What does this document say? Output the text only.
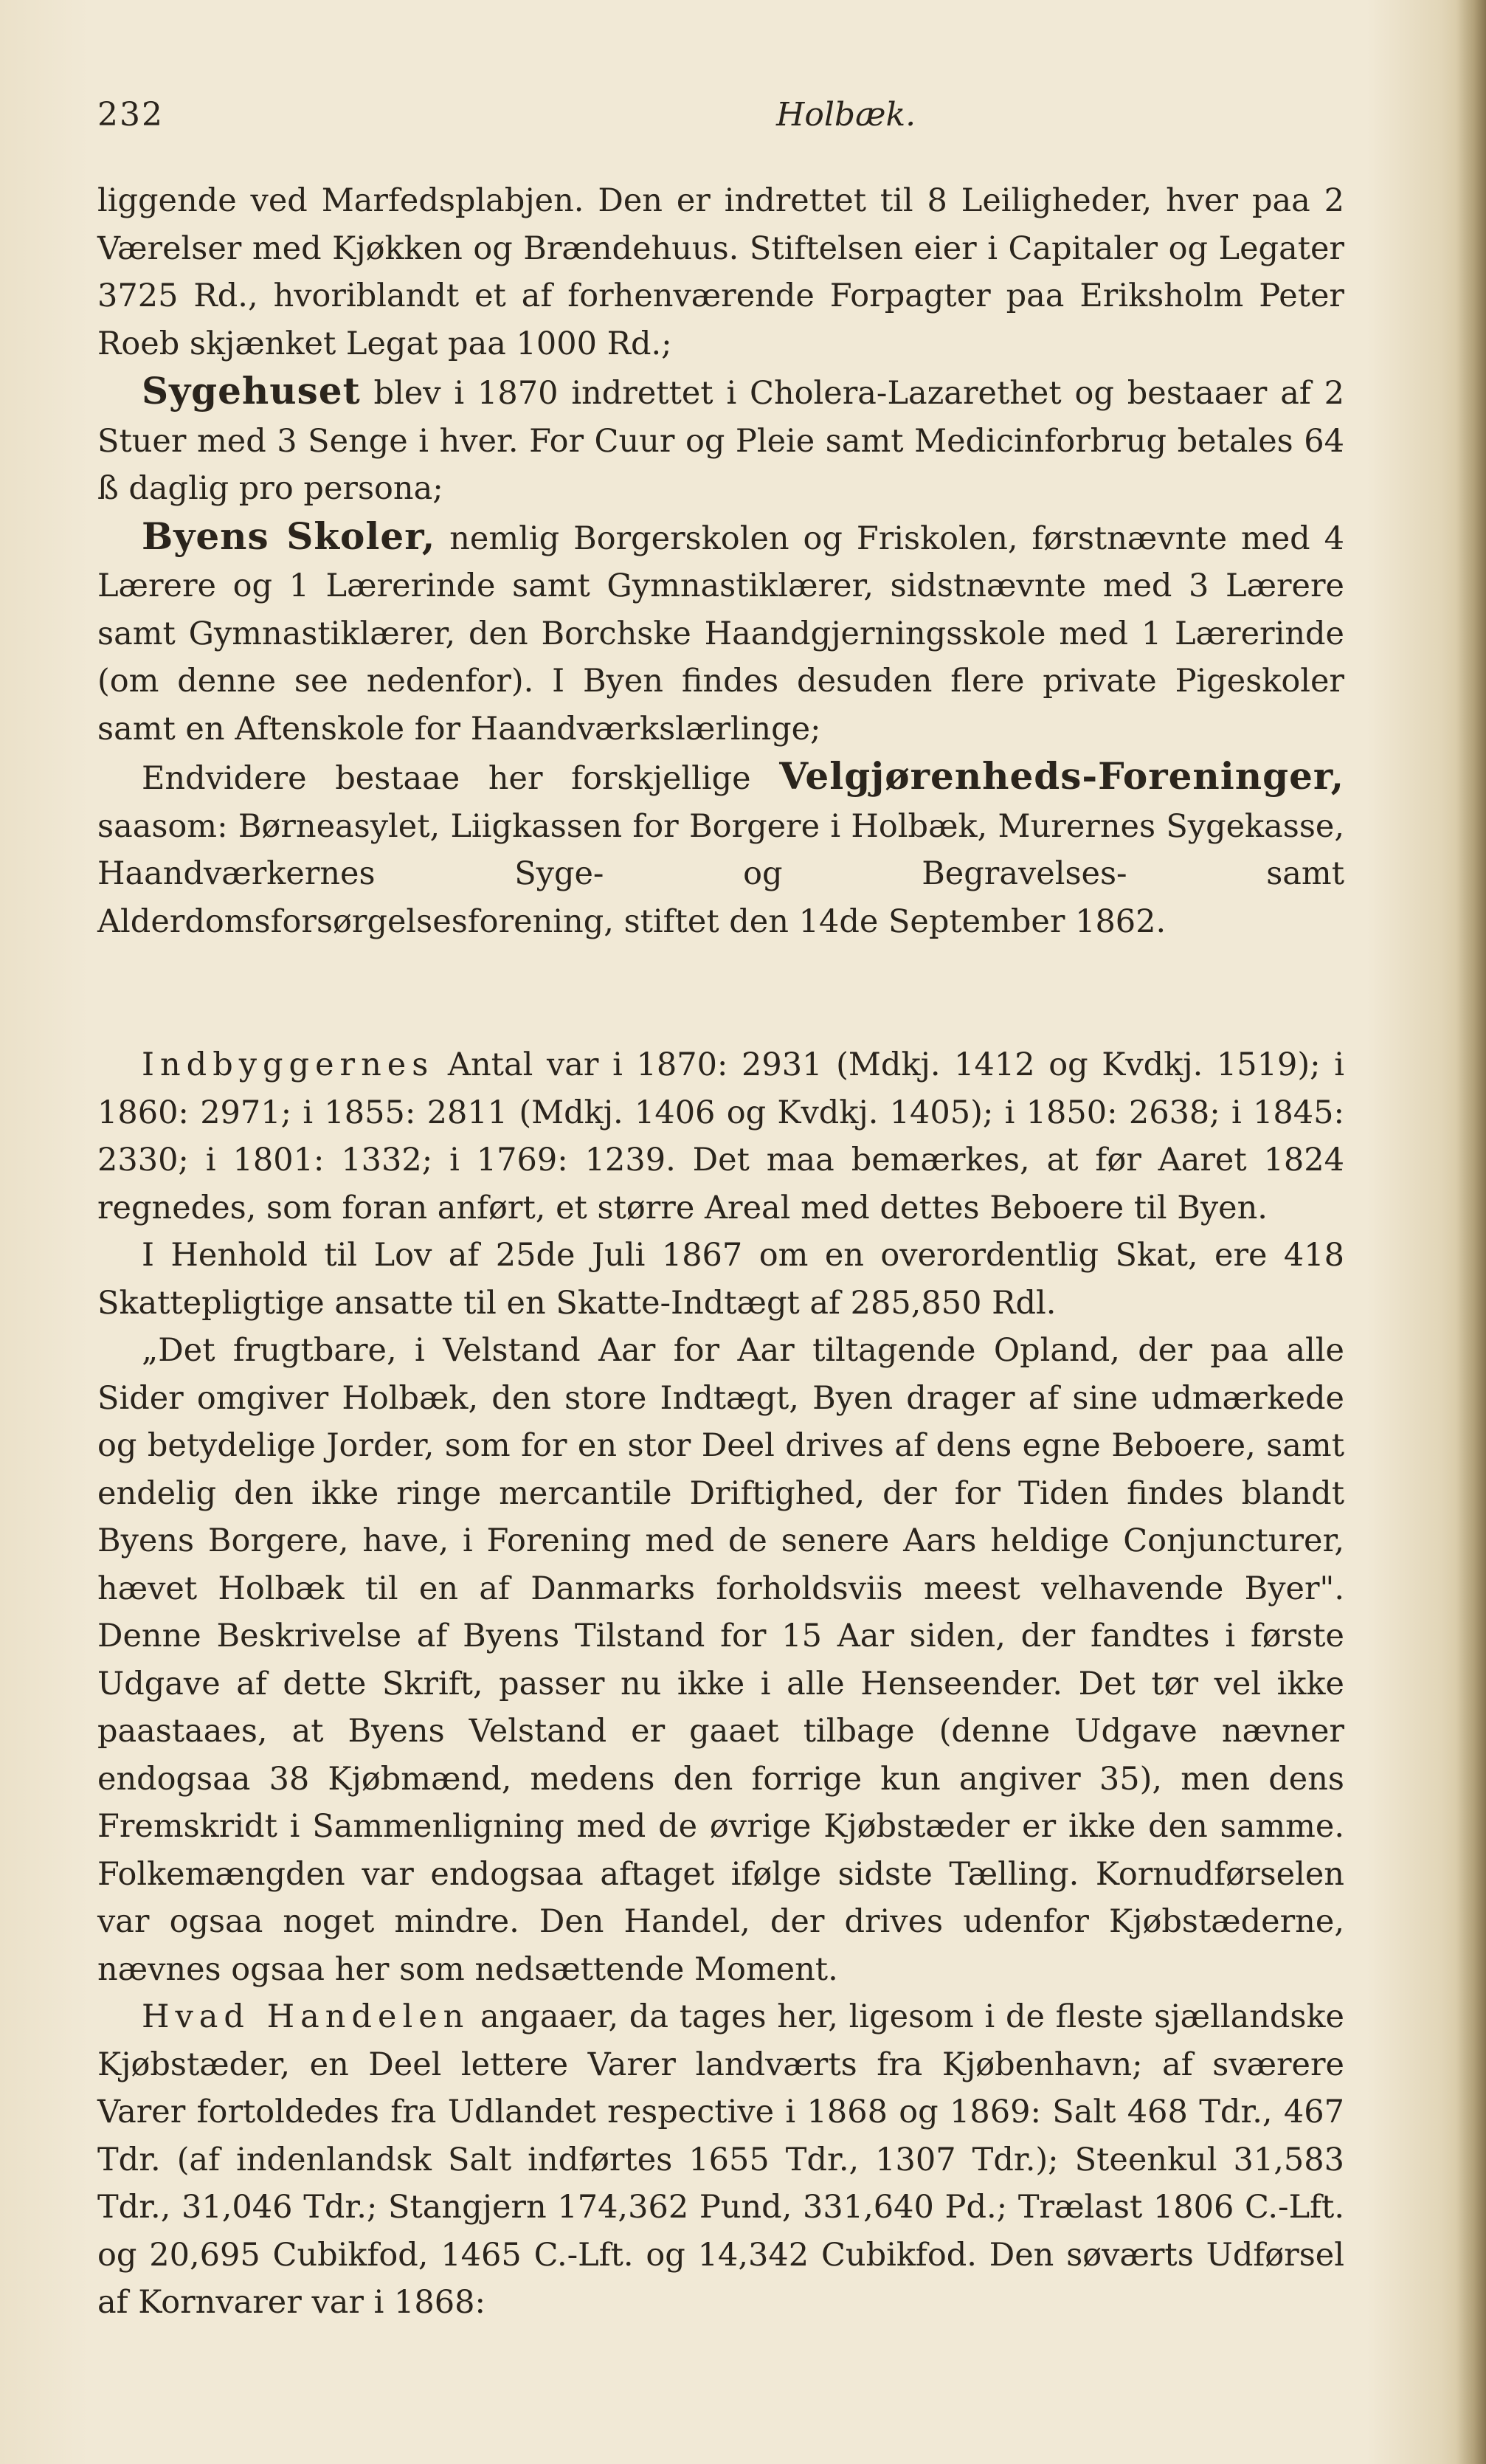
232	Holbæk.

liggende ved Marfedsplabjen. Den er indrettet til 8 Leiligheder, hver paa 2 Værelser med Kjøkken og Brændehuus. Stiftelsen eier i Capitaler og Legater 3725 Rd., hvoriblandt et af forhenværende Forpagter paa Eriksholm Peter Roeb skjænket Legat paa 1000 Rd.;

Sygehuset blev i 1870 indrettet i Cholera-Lazarethet og bestaaer af 2 Stuer med 3 Senge i hver. For Cuur og Pleie samt Medicinforbrug betales 64 ß daglig pro persona;

Byens Skoler, nemlig Borgerskolen og Friskolen, førstnævnte med 4 Lærere og 1 Lærerinde samt Gymnastiklærer, sidstnævnte med 3 Lærere samt Gymnastiklærer, den Borchske Haandgjerningsskole med 1 Lærerinde (om denne see nedenfor). I Byen findes desuden flere private Pigeskoler samt en Aftenskole for Haandværkslærlinge;

Endvidere bestaae her forskjellige Velgjørenheds-Foreninger, saasom: Børneasylet, Liigkassen for Borgere i Holbæk, Murernes Sygekasse, Haandværkernes Syge- og Begravelses- samt Alderdomsforsørgelsesforening, stiftet den 14de September 1862.

Indbyggernes Antal var i 1870: 2931 (Mdkj. 1412 og Kvdkj. 1519); i 1860: 2971; i 1855: 2811 (Mdkj. 1406 og Kvdkj. 1405); i 1850: 2638; i 1845: 2330; i 1801: 1332; i 1769: 1239. Det maa bemærkes, at før Aaret 1824 regnedes, som foran anført, et større Areal med dettes Beboere til Byen.

I Henhold til Lov af 25de Juli 1867 om en overordentlig Skat, ere 418 Skattepligtige ansatte til en Skatte-Indtægt af 285,850 Rdl.

„Det frugtbare, i Velstand Aar for Aar tiltagende Opland, der paa alle Sider omgiver Holbæk, den store Indtægt, Byen drager af sine udmærkede og betydelige Jorder, som for en stor Deel drives af dens egne Beboere, samt endelig den ikke ringe mercantile Driftighed, der for Tiden findes blandt Byens Borgere, have, i Forening med de senere Aars heldige Conjuncturer, hævet Holbæk til en af Danmarks forholdsviis meest velhavende Byer". Denne Beskrivelse af Byens Tilstand for 15 Aar siden, der fandtes i første Udgave af dette Skrift, passer nu ikke i alle Henseender. Det tør vel ikke paastaaes, at Byens Velstand er gaaet tilbage (denne Udgave nævner endogsaa 38 Kjøbmænd, medens den forrige kun angiver 35), men dens Fremskridt i Sammenligning med de øvrige Kjøbstæder er ikke den samme. Folkemængden var endogsaa aftaget ifølge sidste Tælling. Kornudførselen var ogsaa noget mindre. Den Handel, der drives udenfor Kjøbstæderne, nævnes ogsaa her som nedsættende Moment.

Hvad Handelen angaaer, da tages her, ligesom i de fleste sjællandske Kjøbstæder, en Deel lettere Varer landværts fra Kjøbenhavn; af sværere Varer fortoldedes fra Udlandet respective i 1868 og 1869: Salt 468 Tdr., 467 Tdr. (af indenlandsk Salt indførtes 1655 Tdr., 1307 Tdr.); Steenkul 31,583 Tdr., 31,046 Tdr.; Stangjern 174,362 Pund, 331,640 Pd.; Trælast 1806 C.-Lft. og 20,695 Cubikfod, 1465 C.-Lft. og 14,342 Cubikfod. Den søværts Udførsel af Kornvarer var i 1868:
